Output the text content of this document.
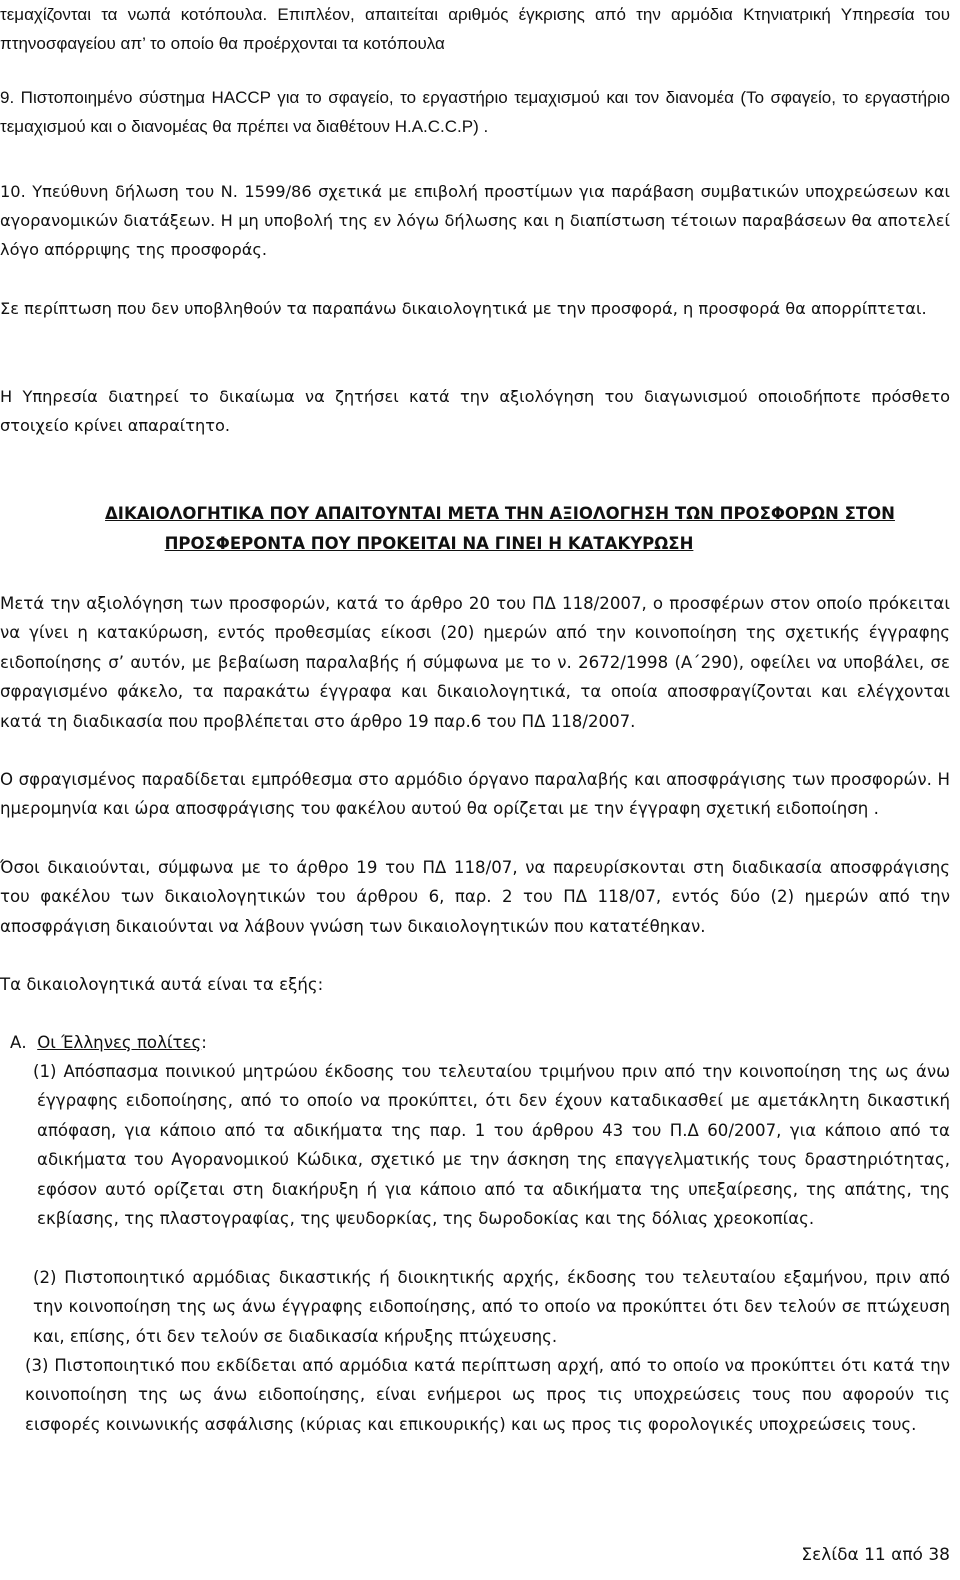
τεμαχίζονται τα νωπά κοτόπουλα. Επιπλέον, απαιτείται αριθμός έγκρισης από την αρμόδια Κτηνιατρική Υπηρεσία του πτηνοσφαγείου απ’ το οποίο θα προέρχονται τα κοτόπουλα

9. Πιστοποιημένο σύστημα HACCP για το σφαγείο, το εργαστήριο τεμαχισμού και τον διανομέα (Το σφαγείο, το εργαστήριο τεμαχισμού και ο διανομέας θα πρέπει να διαθέτουν Η.Α.C.C.P) .

10. Υπεύθυνη δήλωση του Ν. 1599/86 σχετικά με επιβολή προστίμων για παράβαση συμβατικών υποχρεώσεων και αγορανομικών διατάξεων. Η μη υποβολή της εν λόγω δήλωσης και η διαπίστωση τέτοιων παραβάσεων θα αποτελεί λόγο απόρριψης της προσφοράς.

Σε περίπτωση που δεν υποβληθούν τα παραπάνω δικαιολογητικά με την προσφορά, η προσφορά θα απορρίπτεται.

Η Υπηρεσία διατηρεί το δικαίωμα να ζητήσει κατά την αξιολόγηση του διαγωνισμού οποιοδήποτε πρόσθετο στοιχείο κρίνει απαραίτητο.

ΔΙΚΑΙΟΛΟΓΗΤΙΚΑ ΠΟΥ ΑΠΑΙΤΟΥΝΤΑΙ ΜΕΤΑ ΤΗΝ ΑΞΙΟΛΟΓΗΣΗ ΤΩΝ ΠΡΟΣΦΟΡΩΝ ΣΤΟΝ
ΠΡΟΣΦΕΡΟΝΤΑ ΠΟΥ ΠΡΟΚΕΙΤΑΙ ΝΑ ΓΙΝΕΙ Η ΚΑΤΑΚΥΡΩΣΗ

Μετά την αξιολόγηση των προσφορών, κατά το άρθρο 20 του ΠΔ 118/2007, ο προσφέρων στον οποίο πρόκειται να γίνει η κατακύρωση, εντός προθεσμίας είκοσι (20) ημερών από την κοινοποίηση της σχετικής έγγραφης ειδοποίησης σ’ αυτόν, με βεβαίωση παραλαβής ή σύμφωνα με το ν. 2672/1998 (Α΄290), οφείλει να υποβάλει, σε σφραγισμένο φάκελο, τα παρακάτω έγγραφα και δικαιολογητικά, τα οποία αποσφραγίζονται και ελέγχονται κατά τη διαδικασία που προβλέπεται στο άρθρο 19 παρ.6 του ΠΔ 118/2007.

Ο σφραγισμένος παραδίδεται εμπρόθεσμα στο αρμόδιο όργανο παραλαβής και αποσφράγισης των προσφορών. Η ημερομηνία και ώρα αποσφράγισης του φακέλου αυτού θα ορίζεται με την έγγραφη σχετική ειδοποίηση .

Όσοι δικαιούνται, σύμφωνα με το άρθρο 19 του ΠΔ 118/07, να παρευρίσκονται στη διαδικασία αποσφράγισης του φακέλου των δικαιολογητικών του άρθρου 6, παρ. 2 του ΠΔ 118/07, εντός δύο (2) ημερών από την αποσφράγιση δικαιούνται να λάβουν γνώση των δικαιολογητικών που κατατέθηκαν.

Τα δικαιολογητικά αυτά είναι τα εξής:

Α. Οι Έλληνες πολίτες:

(1) Απόσπασμα ποινικού μητρώου έκδοσης του τελευταίου τριμήνου πριν από την κοινοποίηση της ως άνω έγγραφης ειδοποίησης, από το οποίο να προκύπτει, ότι δεν έχουν καταδικασθεί με αμετάκλητη δικαστική απόφαση, για κάποιο από τα αδικήματα της παρ. 1 του άρθρου 43 του Π.Δ 60/2007, για κάποιο από τα αδικήματα του Αγορανομικού Κώδικα, σχετικό με την άσκηση της επαγγελματικής τους δραστηριότητας, εφόσον αυτό ορίζεται στη διακήρυξη ή για κάποιο από τα αδικήματα της υπεξαίρεσης, της απάτης, της εκβίασης, της πλαστογραφίας, της ψευδορκίας, της δωροδοκίας και της δόλιας χρεοκοπίας.

(2) Πιστοποιητικό αρμόδιας δικαστικής ή διοικητικής αρχής, έκδοσης του τελευταίου εξαμήνου, πριν από την κοινοποίηση της ως άνω έγγραφης ειδοποίησης, από το οποίο να προκύπτει ότι δεν τελούν σε πτώχευση και, επίσης, ότι δεν τελούν σε διαδικασία κήρυξης πτώχευσης.

(3) Πιστοποιητικό που εκδίδεται από αρμόδια κατά περίπτωση αρχή, από το οποίο να προκύπτει ότι κατά την κοινοποίηση της ως άνω ειδοποίησης, είναι ενήμεροι ως προς τις υποχρεώσεις τους που αφορούν τις εισφορές κοινωνικής ασφάλισης (κύριας και επικουρικής) και ως προς τις φορολογικές υποχρεώσεις τους.

Σελίδα 11 από 38
